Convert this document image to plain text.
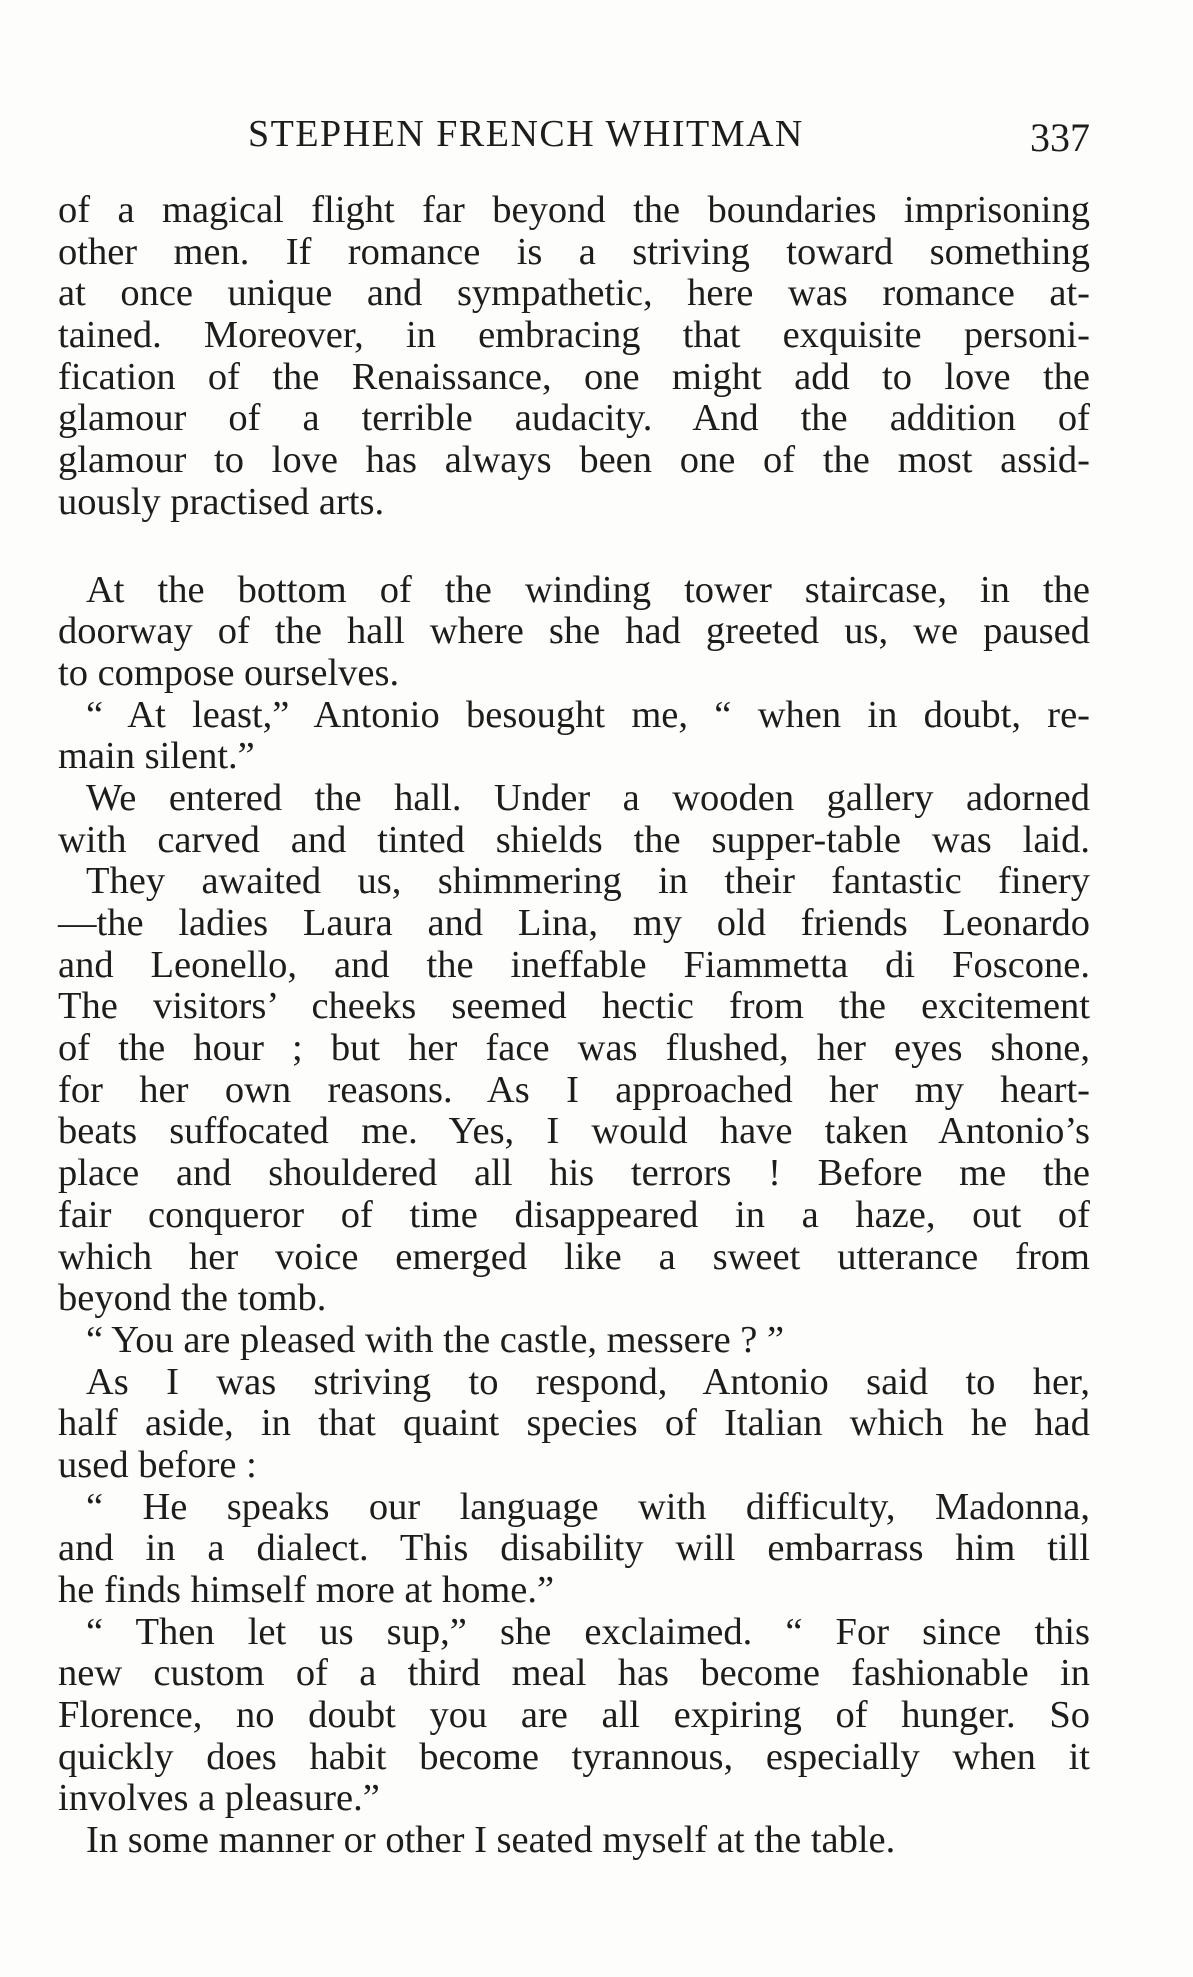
STEPHEN FRENCH WHITMAN	337
of a magical flight far beyond the boundaries imprisoning
other men. If romance is a striving toward something
at once unique and sympathetic, here was romance at-
tained. Moreover, in embracing that exquisite personi-
fication of the Renaissance, one might add to love the
glamour of a terrible audacity. And the addition of
glamour to love has always been one of the most assid-
uously practised arts.
At the bottom of the winding tower staircase, in the
doorway of the hall where she had greeted us, we paused
to compose ourselves.
“ At least,” Antonio besought me, “ when in doubt, re-
main silent.”
We entered the hall. Under a wooden gallery adorned
with carved and tinted shields the supper-table was laid.
They awaited us, shimmering in their fantastic finery
—the ladies Laura and Lina, my old friends Leonardo
and Leonello, and the ineffable Fiammetta di Foscone.
The visitors’ cheeks seemed hectic from the excitement
of the hour ; but her face was flushed, her eyes shone,
for her own reasons. As I approached her my heart-
beats suffocated me. Yes, I would have taken Antonio’s
place and shouldered all his terrors ! Before me the
fair conqueror of time disappeared in a haze, out of
which her voice emerged like a sweet utterance from
beyond the tomb.
“ You are pleased with the castle, messere ? ”
As I was striving to respond, Antonio said to her,
half aside, in that quaint species of Italian which he had
used before :
“ He speaks our language with difficulty, Madonna,
and in a dialect. This disability will embarrass him till
he finds himself more at home.”
“ Then let us sup,” she exclaimed. “ For since this
new custom of a third meal has become fashionable in
Florence, no doubt you are all expiring of hunger. So
quickly does habit become tyrannous, especially when it
involves a pleasure.”
In some manner or other I seated myself at the table.
